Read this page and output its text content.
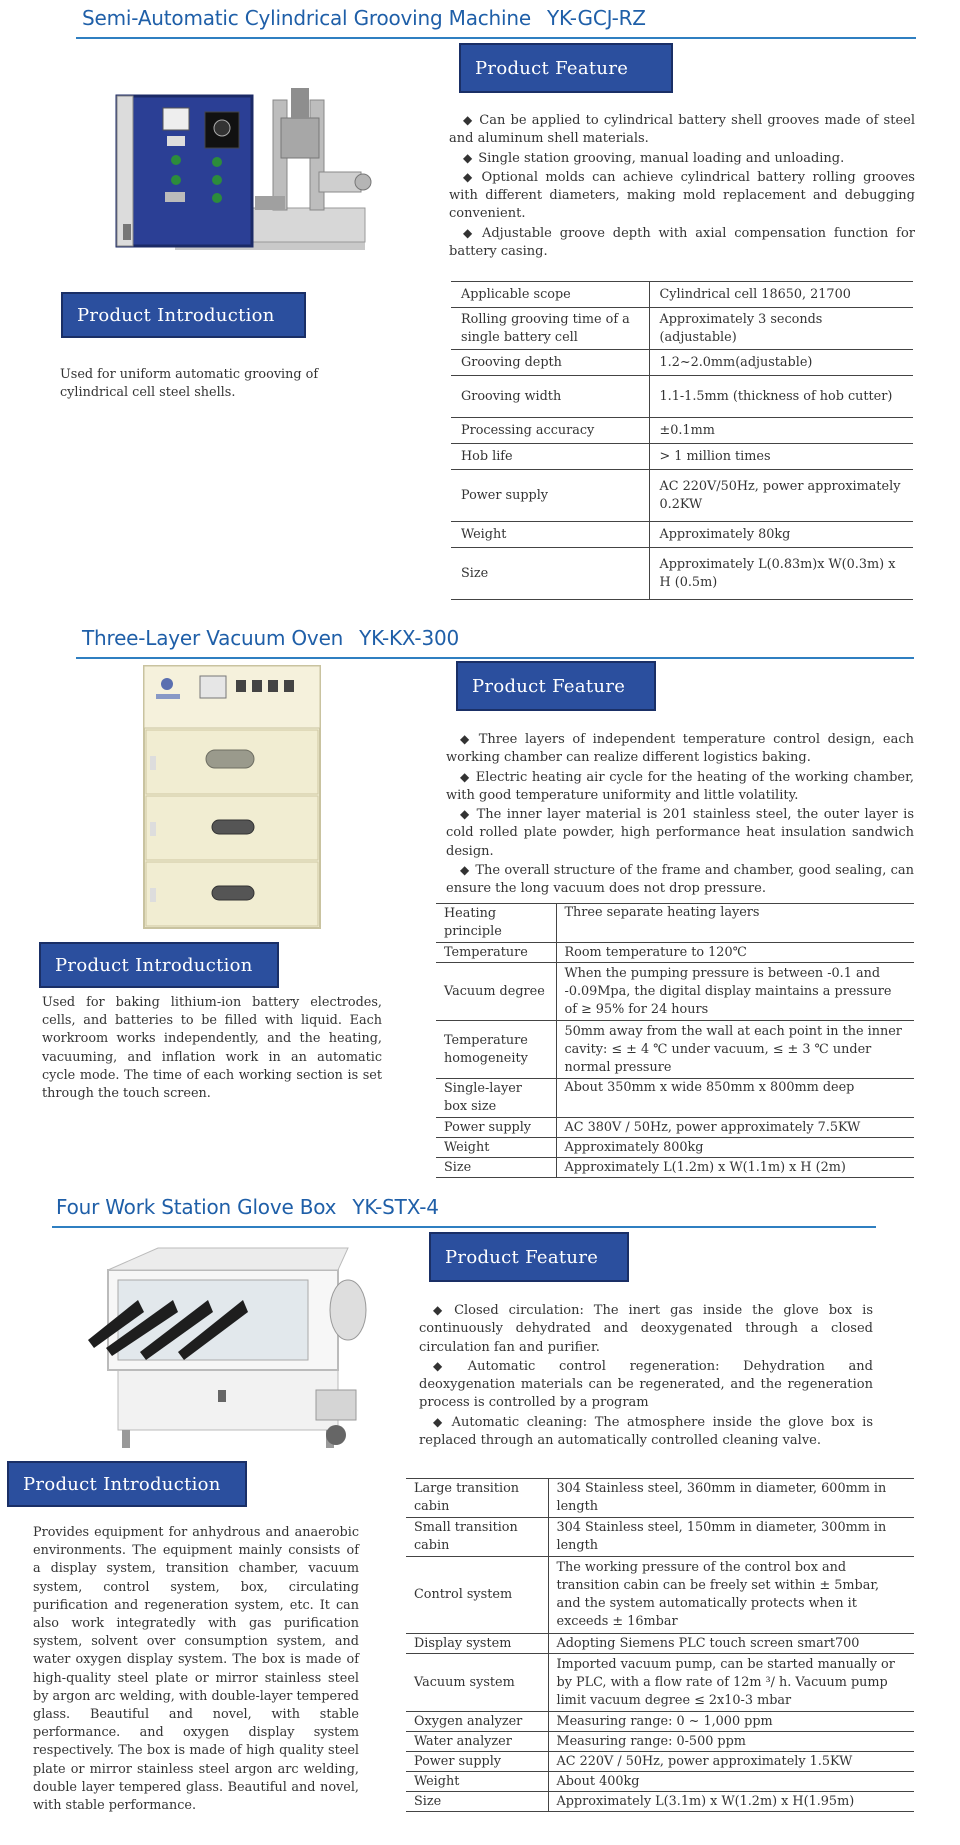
Semi-Automatic Cylindrical Grooving Machine YK-GCJ-RZ
Product Feature
◆ Can be applied to cylindrical battery shell grooves made of steel and aluminum shell materials.
◆ Single station grooving, manual loading and unloading.
◆ Optional molds can achieve cylindrical battery rolling grooves with different diameters, making mold replacement and debugging convenient.
◆ Adjustable groove depth with axial compensation function for battery casing.
Product Introduction

Used for uniform automatic grooving of cylindrical cell steel shells.

Applicable scope	Cylindrical cell 18650, 21700
Rolling grooving time of a single battery cell	Approximately 3 seconds (adjustable)
Grooving depth	1.2~2.0mm(adjustable)
Grooving width	1.1-1.5mm (thickness of hob cutter)
Processing accuracy	±0.1mm
Hob life	> 1 million times
Power supply	AC 220V/50Hz, power approximately 0.2KW
Weight	Approximately 80kg
Size	Approximately L(0.83m)x W(0.3m) x H (0.5m)
Three-Layer Vacuum Oven YK-KX-300
Product Feature
◆ Three layers of independent temperature control design, each working chamber can realize different logistics baking.
◆ Electric heating air cycle for the heating of the working chamber, with good temperature uniformity and little volatility.
◆ The inner layer material is 201 stainless steel, the outer layer is cold rolled plate powder, high performance heat insulation sandwich design.
◆ The overall structure of the frame and chamber, good sealing, can ensure the long vacuum does not drop pressure.
Product Introduction

Used for baking lithium-ion battery electrodes, cells, and batteries to be filled with liquid. Each workroom works independently, and the heating, vacuuming, and inflation work in an automatic cycle mode. The time of each working section is set through the touch screen.

Heating principle	Three separate heating layers
Temperature	Room temperature to 120℃
Vacuum degree	When the pumping pressure is between -0.1 and -0.09Mpa, the digital display maintains a pressure of ≥ 95% for 24 hours
Temperature homogeneity	50mm away from the wall at each point in the inner cavity: ≤ ± 4 ℃ under vacuum, ≤ ± 3 ℃ under normal pressure
Single-layer box size	About 350mm x wide 850mm x 800mm deep
Power supply	AC 380V / 50Hz, power approximately 7.5KW
Weight	Approximately 800kg
Size	Approximately L(1.2m) x W(1.1m) x H (2m)
Four Work Station Glove Box YK-STX-4
Product Feature
◆ Closed circulation: The inert gas inside the glove box is continuously dehydrated and deoxygenated through a closed circulation fan and purifier.
◆ Automatic control regeneration: Dehydration and deoxygenation materials can be regenerated, and the regeneration process is controlled by a program
◆ Automatic cleaning: The atmosphere inside the glove box is replaced through an automatically controlled cleaning valve.
Product Introduction

Provides equipment for anhydrous and anaerobic environments. The equipment mainly consists of a display system, transition chamber, vacuum system, control system, box, circulating purification and regeneration system, etc. It can also work integratedly with gas purification system, solvent over consumption system, and water oxygen display system. The box is made of high-quality steel plate or mirror stainless steel by argon arc welding, with double-layer tempered glass. Beautiful and novel, with stable performance. and oxygen display system respectively. The box is made of high quality steel plate or mirror stainless steel argon arc welding, double layer tempered glass. Beautiful and novel, with stable performance.

Large transition cabin	304 Stainless steel, 360mm in diameter, 600mm in length
Small transition cabin	304 Stainless steel, 150mm in diameter, 300mm in length
Control system	The working pressure of the control box and transition cabin can be freely set within ± 5mbar, and the system automatically protects when it exceeds ± 16mbar
Display system	Adopting Siemens PLC touch screen smart700
Vacuum system	Imported vacuum pump, can be started manually or by PLC, with a flow rate of 12m ³/ h. Vacuum pump limit vacuum degree ≤ 2x10-3 mbar
Oxygen analyzer	Measuring range: 0 ~ 1,000 ppm
Water analyzer	Measuring range: 0-500 ppm
Power supply	AC 220V / 50Hz, power approximately 1.5KW
Weight	About 400kg
Size	Approximately L(3.1m) x W(1.2m) x H(1.95m)
